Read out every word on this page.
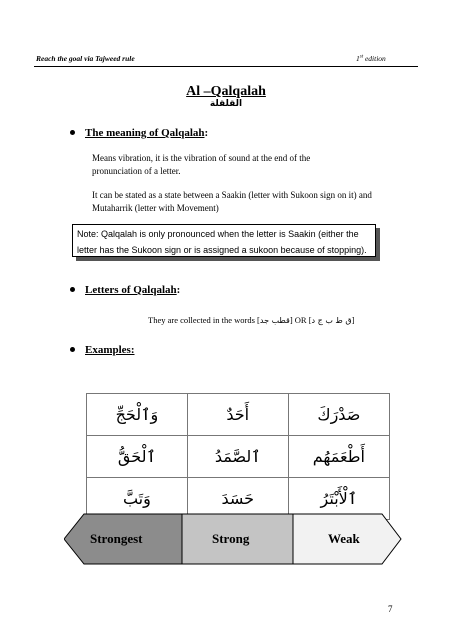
Reach the goal via Tajweed rule	1st edition
Al –Qalqalah
القلقلة
The meaning of Qalqalah:
Means vibration, it is the vibration of sound at the end of the pronunciation of a letter.
It can be stated as a state between a Saakin (letter with Sukoon sign on it) and Mutaharrik (letter with Movement)
Note: Qalqalah is only pronounced when the letter is Saakin (either the letter has the Sukoon sign or is assigned a sukoon because of stopping).
Letters of Qalqalah:
They are collected in the words [قطب جد] OR [ق ط ب ج د]
Examples:
وَٱلْحَجِّ	أَحَدٌ	صَدْرَكَ
ٱلْحَقُّ	ٱلصَّمَدُ	أَطْعَمَهُم
وَتَبَّ	حَسَدَ	ٱلْأَبْتَرُ
Strongest	Strong	Weak
7
